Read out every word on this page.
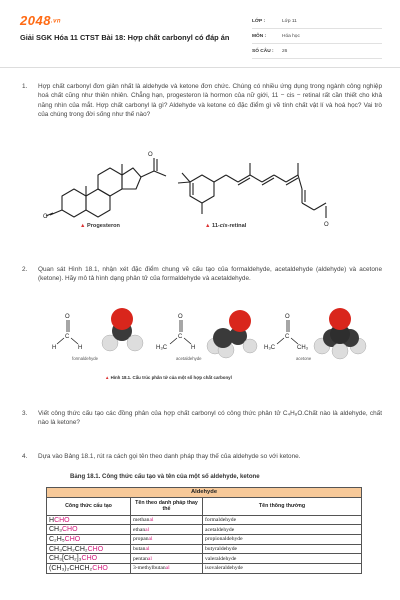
2048.vn
Giải SGK Hóa 11 CTST Bài 18: Hợp chất carbonyl có đáp án
LỚP :	Lớp 11
MÔN :	Hóa học
SỐ CÂU :	26
1. Hợp chất carbonyl đơn giản nhất là aldehyde và ketone đơn chức. Chúng có nhiều ứng dụng trong ngành công nghiệp hoá chất cũng như thiên nhiên. Chẳng hạn, progesteron là hormon của nữ giới, 11 − cis − retinal rất cần thiết cho khả năng nhìn của mắt. Hợp chất carbonyl là gì? Aldehyde và ketone có đặc điểm gì về tính chất vật lí và hoá học? Vai trò của chúng trong đời sống như thế nào?
O
O
O
▲ Progesteron	▲ 11-cis-retinal
2. Quan sát Hình 18.1, nhận xét đặc điểm chung về cấu tạo của formaldehyde, acetaldehyde (aldehyde) và acetone (ketone). Hãy mô tả hình dạng phân tử của formaldehyde và acetaldehyde.
O
C
H	H
O
C
H₃C	H
O
C
H₃C	CH₃
formaldehyde	acetaldehyde	acetone
▲ Hình 18.1. Cấu trúc phân tử của một số hợp chất carbonyl
3. Viết công thức cấu tạo các đồng phân của hợp chất carbonyl có công thức phân tử C₄H₈O.Chất nào là aldehyde, chất nào là ketone?
4. Dựa vào Bảng 18.1, rút ra cách gọi tên theo danh pháp thay thế của aldehyde so với ketone.
Bảng 18.1. Công thức cấu tạo và tên của một số aldehyde, ketone
Aldehyde		
Công thức cấu tạo	Tên theo danh pháp thay thế	Tên thông thường
HCHO	methanal	formaldehyde
CH₃CHO	ethanal	acetaldehyde
C₂H₅CHO	propanal	propionaldehyde
CH₃CH₂CH₂CHO	butanal	butyraldehyde
CH₃[CH₂]₃CHO	pentanal	valeraldehyde
(CH₃)₂CHCH₂CHO	3-methylbutanal	isovaleraldehyde
